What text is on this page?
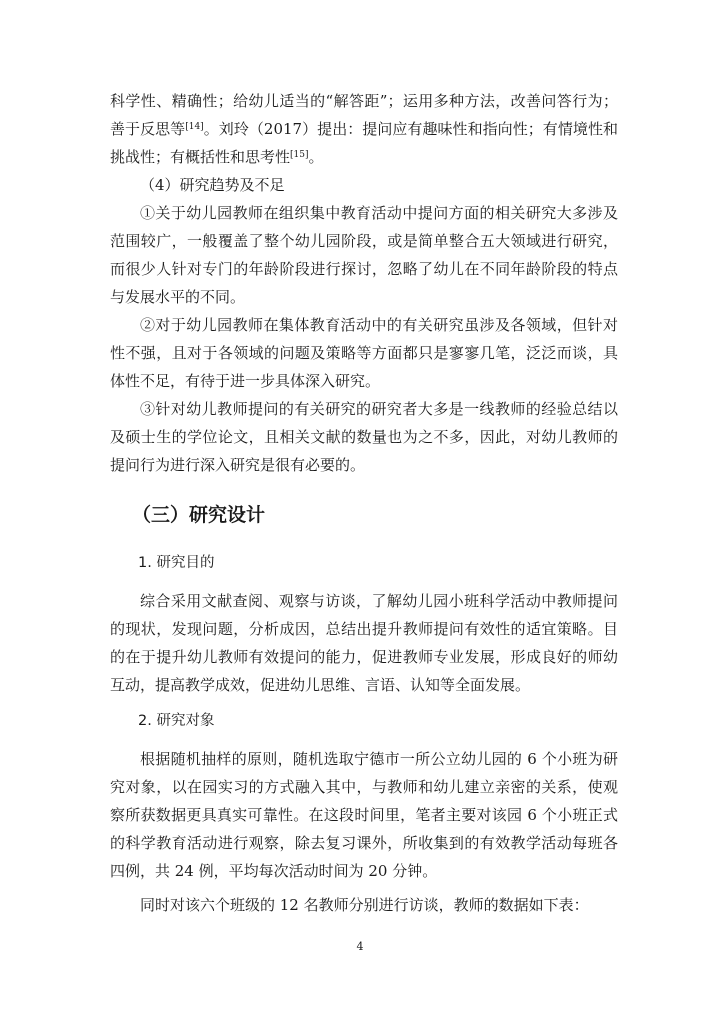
科学性、精确性；给幼儿适当的“解答距”；运用多种方法，改善问答行为；善于反思等[14]。刘玲（2017）提出：提问应有趣味性和指向性；有情境性和挑战性；有概括性和思考性[15]。

（4）研究趋势及不足

①关于幼儿园教师在组织集中教育活动中提问方面的相关研究大多涉及范围较广，一般覆盖了整个幼儿园阶段，或是简单整合五大领域进行研究，而很少人针对专门的年龄阶段进行探讨，忽略了幼儿在不同年龄阶段的特点与发展水平的不同。

②对于幼儿园教师在集体教育活动中的有关研究虽涉及各领域，但针对性不强，且对于各领域的问题及策略等方面都只是寥寥几笔，泛泛而谈，具体性不足，有待于进一步具体深入研究。

③针对幼儿教师提问的有关研究的研究者大多是一线教师的经验总结以及硕士生的学位论文，且相关文献的数量也为之不多，因此，对幼儿教师的提问行为进行深入研究是很有必要的。

（三）研究设计
1. 研究目的

综合采用文献查阅、观察与访谈，了解幼儿园小班科学活动中教师提问的现状，发现问题，分析成因，总结出提升教师提问有效性的适宜策略。目的在于提升幼儿教师有效提问的能力，促进教师专业发展，形成良好的师幼互动，提高教学成效，促进幼儿思维、言语、认知等全面发展。

2. 研究对象

根据随机抽样的原则，随机选取宁德市一所公立幼儿园的 6 个小班为研究对象，以在园实习的方式融入其中，与教师和幼儿建立亲密的关系，使观察所获数据更具真实可靠性。在这段时间里，笔者主要对该园 6 个小班正式的科学教育活动进行观察，除去复习课外，所收集到的有效教学活动每班各四例，共 24 例，平均每次活动时间为 20 分钟。

同时对该六个班级的 12 名教师分别进行访谈，教师的数据如下表：

4
